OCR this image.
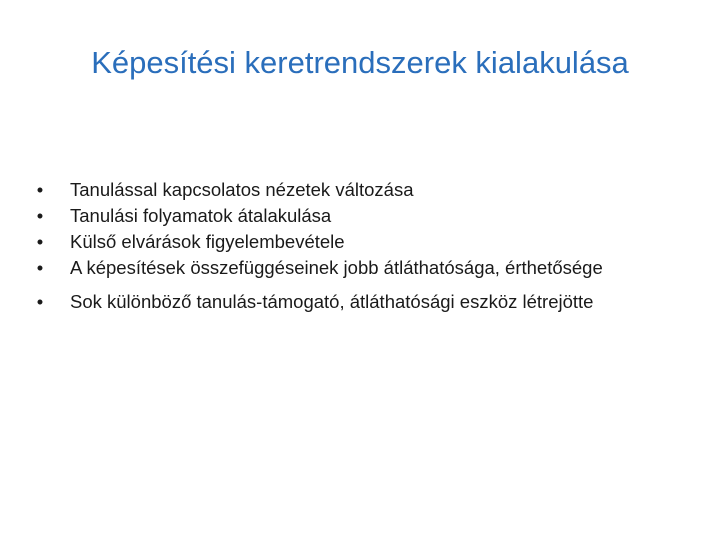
Képesítési keretrendszerek kialakulása
• Tanulással kapcsolatos nézetek változása
• Tanulási folyamatok átalakulása
• Külső elvárások figyelembevétele
• A képesítések összefüggéseinek jobb átláthatósága, érthetősége
• Sok különböző tanulás-támogató, átláthatósági eszköz létrejötte
